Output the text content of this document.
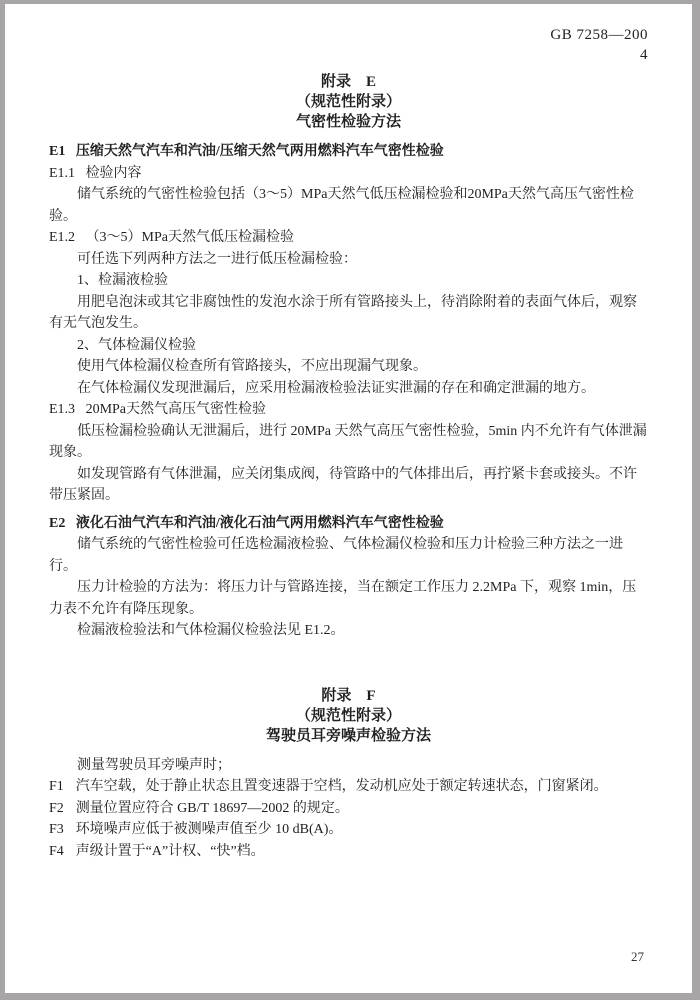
GB 7258—200
4
附录　E
（规范性附录）
气密性检验方法

E1 压缩天然气汽车和汽油/压缩天然气两用燃料汽车气密性检验

E1.1 检验内容

储气系统的气密性检验包括（3～5）MPa天然气低压检漏检验和20MPa天然气高压气密性检验。

E1.2 （3～5）MPa天然气低压检漏检验

可任选下列两种方法之一进行低压检漏检验：

1、检漏液检验

用肥皂泡沫或其它非腐蚀性的发泡水涂于所有管路接头上，待消除附着的表面气体后，观察有无气泡发生。

2、气体检漏仪检验

使用气体检漏仪检查所有管路接头，不应出现漏气现象。

在气体检漏仪发现泄漏后，应采用检漏液检验法证实泄漏的存在和确定泄漏的地方。

E1.3 20MPa天然气高压气密性检验

低压检漏检验确认无泄漏后，进行 20MPa 天然气高压气密性检验，5min 内不允许有气体泄漏现象。

如发现管路有气体泄漏，应关闭集成阀，待管路中的气体排出后，再拧紧卡套或接头。不许带压紧固。

E2 液化石油气汽车和汽油/液化石油气两用燃料汽车气密性检验

储气系统的气密性检验可任选检漏液检验、气体检漏仪检验和压力计检验三种方法之一进行。

压力计检验的方法为：将压力计与管路连接，当在额定工作压力 2.2MPa 下，观察 1min，压力表不允许有降压现象。

检漏液检验法和气体检漏仪检验法见 E1.2。

附录　F
（规范性附录）
驾驶员耳旁噪声检验方法

测量驾驶员耳旁噪声时；

F1 汽车空载，处于静止状态且置变速器于空档，发动机应处于额定转速状态，门窗紧闭。

F2 测量位置应符合 GB/T 18697—2002 的规定。

F3 环境噪声应低于被测噪声值至少 10 dB(A)。

F4 声级计置于“A”计权、“快”档。

27
